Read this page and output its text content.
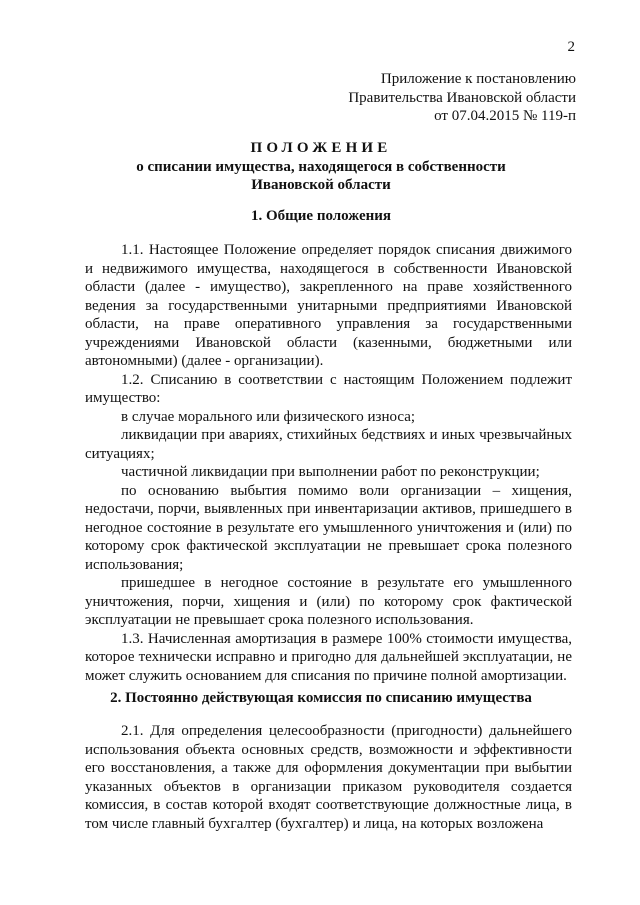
2
Приложение к постановлению
Правительства Ивановской области
от 07.04.2015 № 119-п
ПОЛОЖЕНИЕ
о списании имущества, находящегося в собственности
Ивановской области
1. Общие положения

1.1. Настоящее Положение определяет порядок списания движимого и недвижимого имущества, находящегося в собственности Ивановской области (далее - имущество), закрепленного на праве хозяйственного ведения за государственными унитарными предприятиями Ивановской области, на праве оперативного управления за государственными учреждениями Ивановской области (казенными, бюджетными или автономными) (далее - организации).

1.2. Списанию в соответствии с настоящим Положением подлежит имущество:

в случае морального или физического износа;

ликвидации при авариях, стихийных бедствиях и иных чрезвычайных ситуациях;

частичной ликвидации при выполнении работ по реконструкции;

по основанию выбытия помимо воли организации – хищения, недостачи, порчи, выявленных при инвентаризации активов, пришедшего в негодное состояние в результате его умышленного уничтожения и (или) по которому срок фактической эксплуатации не превышает срока полезного использования;

пришедшее в негодное состояние в результате его умышленного уничтожения, порчи, хищения и (или) по которому срок фактической эксплуатации не превышает срока полезного использования.

1.3. Начисленная амортизация в размере 100% стоимости имущества, которое технически исправно и пригодно для дальнейшей эксплуатации, не может служить основанием для списания по причине полной амортизации.

2. Постоянно действующая комиссия по списанию имущества

2.1. Для определения целесообразности (пригодности) дальнейшего использования объекта основных средств, возможности и эффективности его восстановления, а также для оформления документации при выбытии указанных объектов в организации приказом руководителя создается комиссия, в состав которой входят соответствующие должностные лица, в том числе главный бухгалтер (бухгалтер) и лица, на которых возложена
